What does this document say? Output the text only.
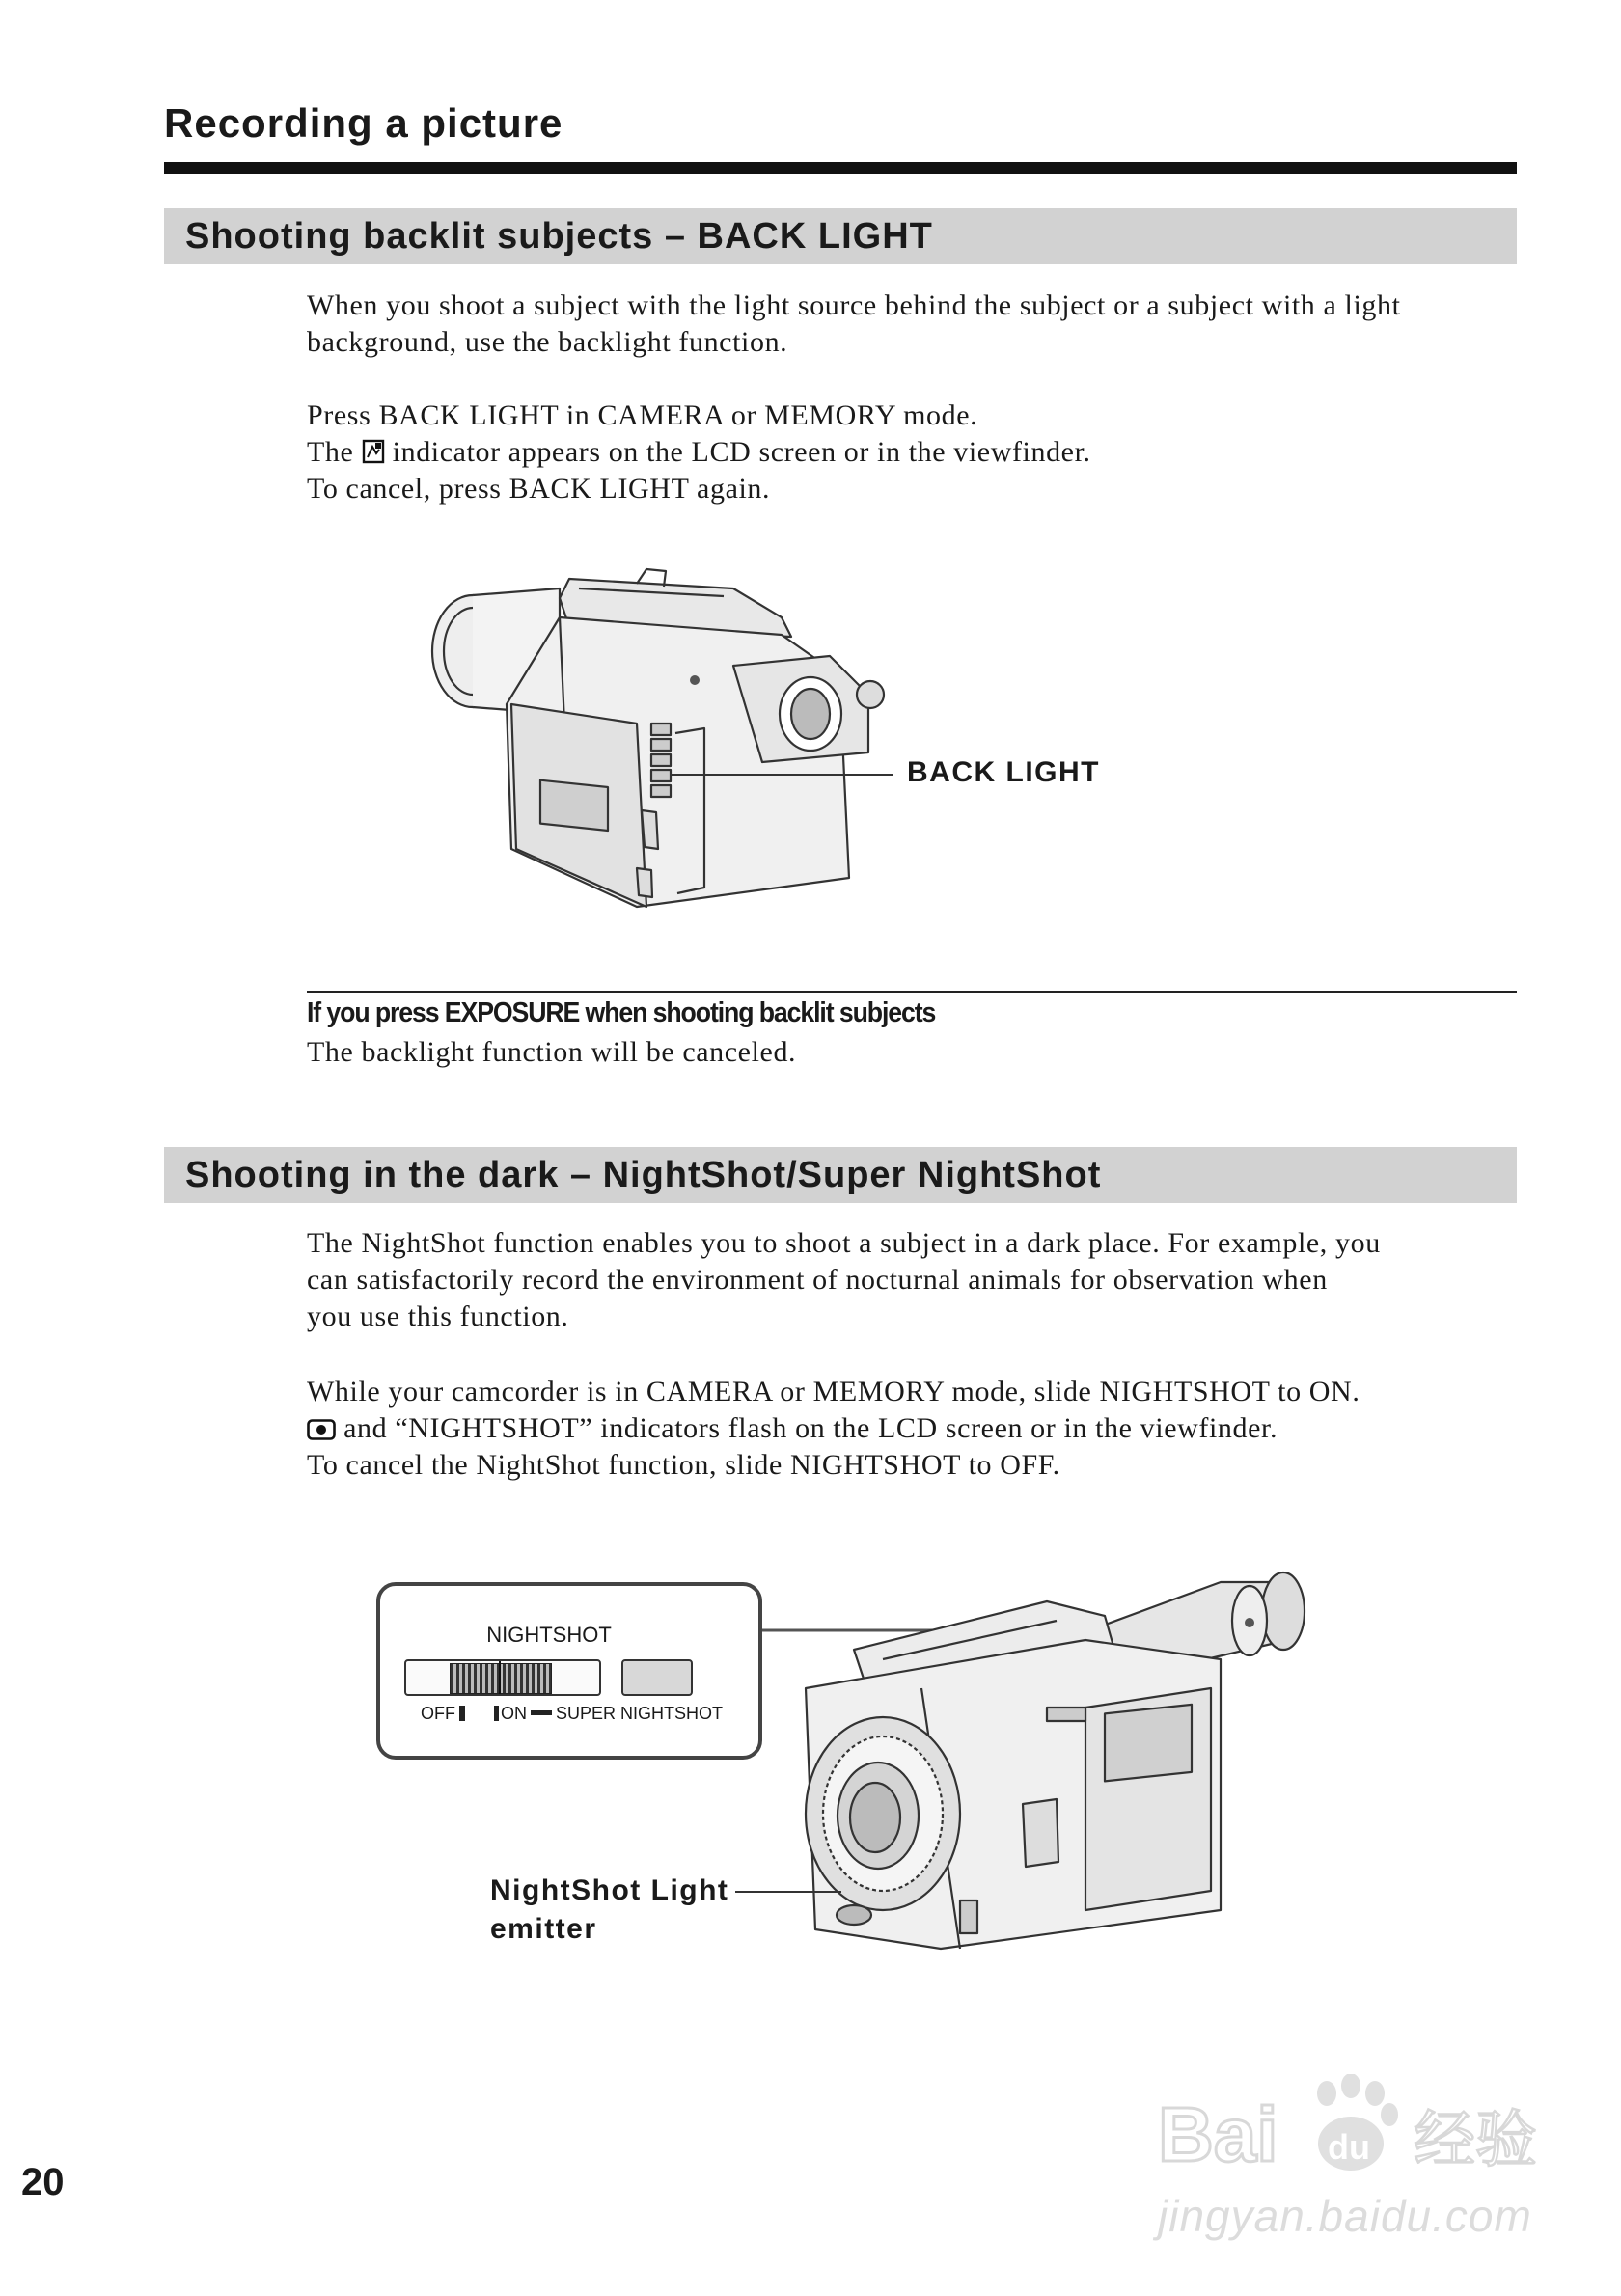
Recording a picture
Shooting backlit subjects – BACK LIGHT
When you shoot a subject with the light source behind the subject or a subject with a light background, use the backlight function.

Press BACK LIGHT in CAMERA or MEMORY mode.

The indicator appears on the LCD screen or in the viewfinder.

To cancel, press BACK LIGHT again.

BACK LIGHT
If you press EXPOSURE when shooting backlit subjects
The backlight function will be canceled.
Shooting in the dark – NightShot/Super NightShot

The NightShot function enables you to shoot a subject in a dark place. For example, you

can satisfactorily record the environment of nocturnal animals for observation when

you use this function.

While your camcorder is in CAMERA or MEMORY mode, slide NIGHTSHOT to ON.

and “NIGHTSHOT” indicators flash on the LCD screen or in the viewfinder.

To cancel the NightShot function, slide NIGHTSHOT to OFF.

NIGHTSHOT
OFF	ON SUPER NIGHTSHOT
NightShot Light
emitter
Bai du 经验
jingyan.baidu.com
20
